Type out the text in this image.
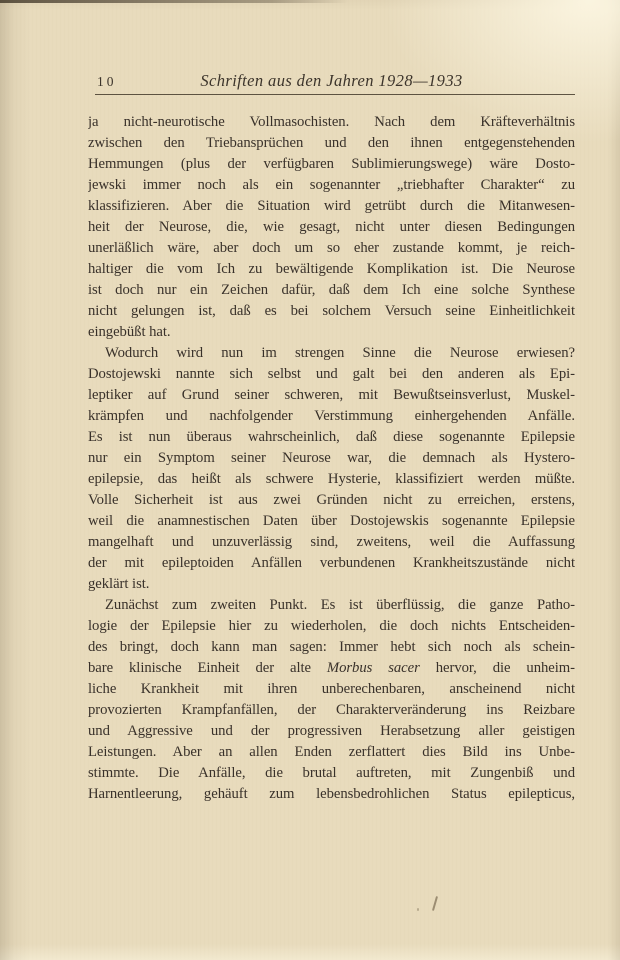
10	Schriften aus den Jahren 1928—1933
ja nicht-neurotische Vollmasochisten. Nach dem Kräfteverhältnis
zwischen den Triebansprüchen und den ihnen entgegenstehenden
Hemmungen (plus der verfügbaren Sublimierungswege) wäre Dosto-
jewski immer noch als ein sogenannter „triebhafter Charakter“ zu
klassifizieren. Aber die Situation wird getrübt durch die Mitanwesen-
heit der Neurose, die, wie gesagt, nicht unter diesen Bedingungen
unerläßlich wäre, aber doch um so eher zustande kommt, je reich-
haltiger die vom Ich zu bewältigende Komplikation ist. Die Neurose
ist doch nur ein Zeichen dafür, daß dem Ich eine solche Synthese
nicht gelungen ist, daß es bei solchem Versuch seine Einheitlichkeit
eingebüßt hat.
Wodurch wird nun im strengen Sinne die Neurose erwiesen?
Dostojewski nannte sich selbst und galt bei den anderen als Epi-
leptiker auf Grund seiner schweren, mit Bewußtseinsverlust, Muskel-
krämpfen und nachfolgender Verstimmung einhergehenden Anfälle.
Es ist nun überaus wahrscheinlich, daß diese sogenannte Epilepsie
nur ein Symptom seiner Neurose war, die demnach als Hystero-
epilepsie, das heißt als schwere Hysterie, klassifiziert werden müßte.
Volle Sicherheit ist aus zwei Gründen nicht zu erreichen, erstens,
weil die anamnestischen Daten über Dostojewskis sogenannte Epilepsie
mangelhaft und unzuverlässig sind, zweitens, weil die Auffassung
der mit epileptoiden Anfällen verbundenen Krankheitszustände nicht
geklärt ist.
Zunächst zum zweiten Punkt. Es ist überflüssig, die ganze Patho-
logie der Epilepsie hier zu wiederholen, die doch nichts Entscheiden-
des bringt, doch kann man sagen: Immer hebt sich noch als schein-
bare klinische Einheit der alte Morbus sacer hervor, die unheim-
liche Krankheit mit ihren unberechenbaren, anscheinend nicht
provozierten Krampfanfällen, der Charakterveränderung ins Reizbare
und Aggressive und der progressiven Herabsetzung aller geistigen
Leistungen. Aber an allen Enden zerflattert dies Bild ins Unbe-
stimmte. Die Anfälle, die brutal auftreten, mit Zungenbiß und
Harnentleerung, gehäuft zum lebensbedrohlichen Status epilepticus,
